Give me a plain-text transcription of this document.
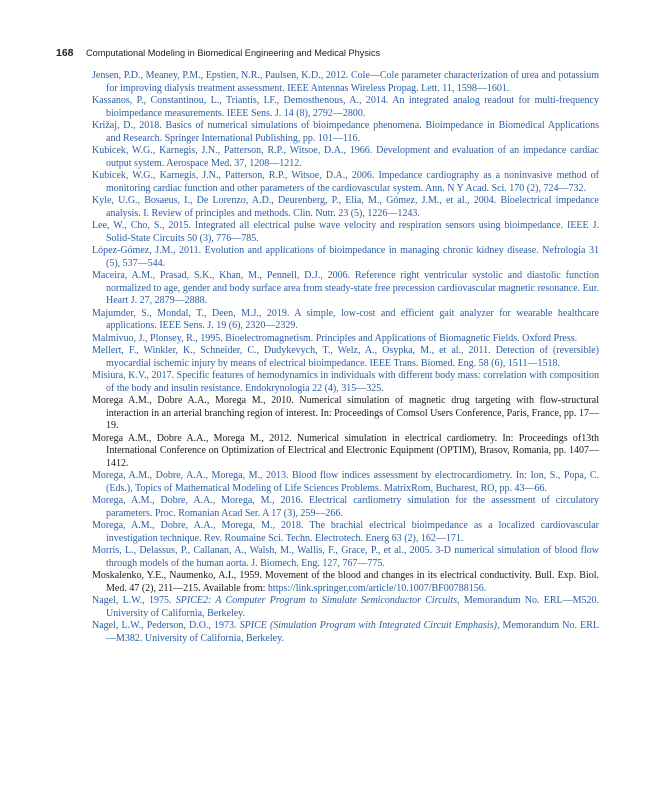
168 Computational Modeling in Biomedical Engineering and Medical Physics

Jensen, P.D., Meaney, P.M., Epstien, N.R., Paulsen, K.D., 2012. Cole—Cole parameter characterization of urea and potassium for improving dialysis treatment assessment. IEEE Antennas Wireless Propag. Lett. 11, 1598—1601.

Kassanos, P., Constantinou, L., Triantis, I.F., Demosthenous, A., 2014. An integrated analog readout for multi-frequency bioimpedance measurements. IEEE Sens. J. 14 (8), 2792—2800.

Križaj, D., 2018. Basics of numerical simulations of bioimpedance phenomena. Bioimpedance in Biomedical Applications and Research. Springer International Publishing, pp. 101—116.

Kubicek, W.G., Karnegis, J.N., Patterson, R.P., Witsoe, D.A., 1966. Development and evaluation of an impedance cardiac output system. Aerospace Med. 37, 1208—1212.

Kubicek, W.G., Karnegis, J.N., Patterson, R.P., Witsoe, D.A., 2006. Impedance cardiography as a noninvasive method of monitoring cardiac function and other parameters of the cardiovascular system. Ann. N Y Acad. Sci. 170 (2), 724—732.

Kyle, U.G., Bosaeus, I., De Lorenzo, A.D., Deurenberg, P., Elia, M., Gómez, J.M., et al., 2004. Bioelectrical impedance analysis. I. Review of principles and methods. Clin. Nutr. 23 (5), 1226—1243.

Lee, W., Cho, S., 2015. Integrated all electrical pulse wave velocity and respiration sensors using bioimpedance. IEEE J. Solid-State Circuits 50 (3), 776—785.

López-Gómez, J.M., 2011. Evolution and applications of bioimpedance in managing chronic kidney disease. Nefrologia 31 (5), 537—544.

Maceira, A.M., Prasad, S.K., Khan, M., Pennell, D.J., 2006. Reference right ventricular systolic and diastolic function normalized to age, gender and body surface area from steady-state free precession cardiovascular magnetic resonance. Eur. Heart J. 27, 2879—2888.

Majumder, S., Mondal, T., Deen, M.J., 2019. A simple, low-cost and efficient gait analyzer for wearable healthcare applications. IEEE Sens. J. 19 (6), 2320—2329.

Malmivuo, J., Plonsey, R., 1995. Bioelectromagnetism. Principles and Applications of Biomagnetic Fields. Oxford Press.

Mellert, F., Winkler, K., Schneider, C., Dudykevych, T., Welz, A., Osypka, M., et al., 2011. Detection of (reversible) myocardial ischemic injury by means of electrical bioimpedance. IEEE Trans. Biomed. Eng. 58 (6), 1511—1518.

Misiura, K.V., 2017. Specific features of hemodynamics in individuals with different body mass: correlation with composition of the body and insulin resistance. Endokrynologia 22 (4), 315—325.

Morega A.M., Dobre A.A., Morega M., 2010. Numerical simulation of magnetic drug targeting with flow-structural interaction in an arterial branching region of interest. In: Proceedings of Comsol Users Conference, Paris, France, pp. 17—19.

Morega A.M., Dobre A.A., Morega M., 2012. Numerical simulation in electrical cardiometry. In: Proceedings of13th International Conference on Optimization of Electrical and Electronic Equipment (OPTIM), Brasov, Romania, pp. 1407—1412.

Morega, A.M., Dobre, A.A., Morega, M., 2013. Blood flow indices assessment by electrocardiometry. In: Ion, S., Popa, C. (Eds.), Topics of Mathematical Modeling of Life Sciences Problems. MatrixRom, Bucharest, RO, pp. 43—66.

Morega, A.M., Dobre, A.A., Morega, M., 2016. Electrical cardiometry simulation for the assessment of circulatory parameters. Proc. Romanian Acad Ser. A 17 (3), 259—266.

Morega, A.M., Dobre, A.A., Morega, M., 2018. The brachial electrical bioimpedance as a localized cardiovascular investigation technique. Rev. Roumaine Sci. Techn. Electrotech. Energ 63 (2), 162—171.

Morris, L., Delassus, P., Callanan, A., Walsh, M., Wallis, F., Grace, P., et al., 2005. 3-D numerical simulation of blood flow through models of the human aorta. J. Biomech. Eng. 127, 767—775.

Moskalenko, Y.E., Naumenko, A.I., 1959. Movement of the blood and changes in its electrical conductivity. Bull. Exp. Biol. Med. 47 (2), 211—215. Available from: https://link.springer.com/article/10.1007/BF00788156.

Nagel, L.W., 1975. SPICE2: A Computer Program to Simulate Semiconductor Circuits, Memorandum No. ERL—M520. University of California, Berkeley.

Nagel, L.W., Pederson, D.O., 1973. SPICE (Simulation Program with Integrated Circuit Emphasis), Memorandum No. ERL—M382. University of California, Berkeley.
